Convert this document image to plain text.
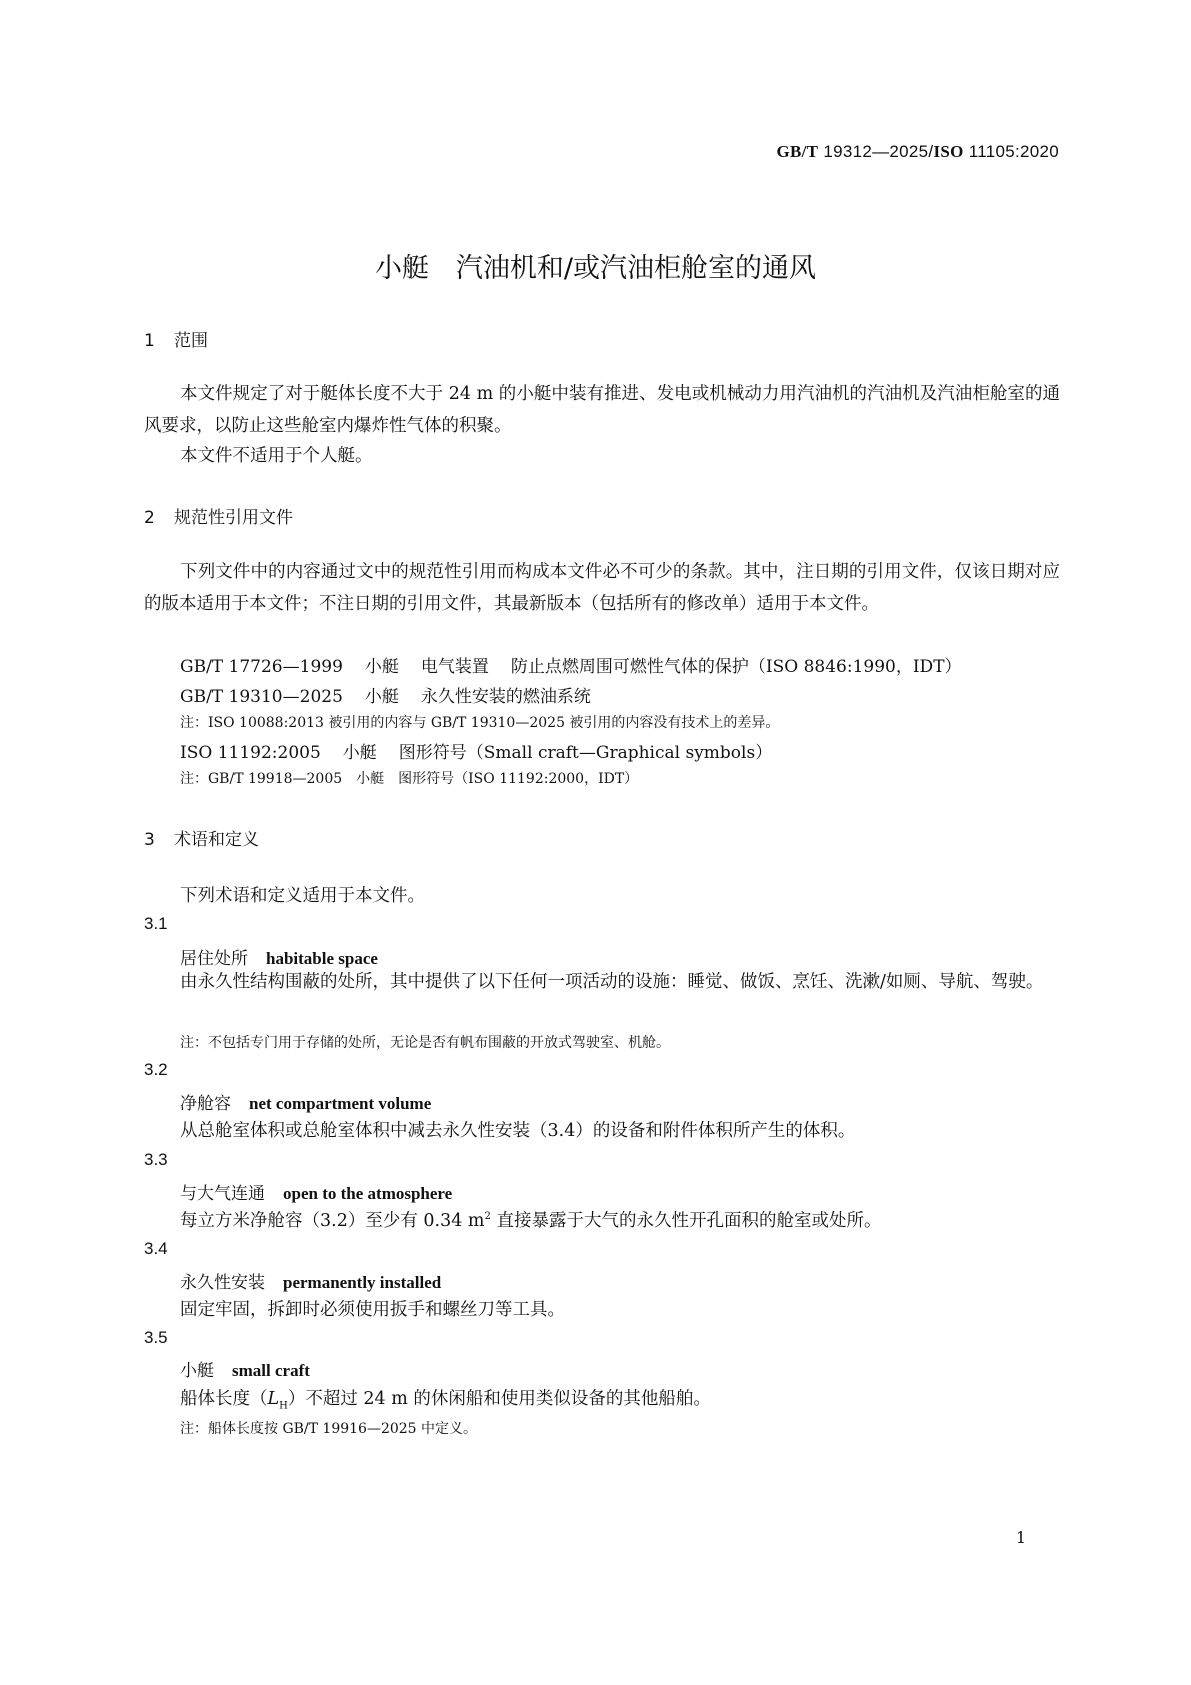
GB/T 19312—2025/ISO 11105:2020
小艇　汽油机和/或汽油柜舱室的通风
1 范围
本文件规定了对于艇体长度不大于 24 m 的小艇中装有推进、发电或机械动力用汽油机的汽油机及汽油柜舱室的通风要求，以防止这些舱室内爆炸性气体的积聚。
本文件不适用于个人艇。
2 规范性引用文件
下列文件中的内容通过文中的规范性引用而构成本文件必不可少的条款。其中，注日期的引用文件，仅该日期对应的版本适用于本文件；不注日期的引用文件，其最新版本（包括所有的修改单）适用于本文件。
GB/T 17726—1999 小艇 电气装置 防止点燃周围可燃性气体的保护（ISO 8846:1990，IDT）
GB/T 19310—2025 小艇 永久性安装的燃油系统
注：ISO 10088:2013 被引用的内容与 GB/T 19310—2025 被引用的内容没有技术上的差异。
ISO 11192:2005 小艇 图形符号（Small craft—Graphical symbols）
注：GB/T 19918—2005　小艇　图形符号（ISO 11192:2000，IDT）
3 术语和定义
下列术语和定义适用于本文件。
3.1
居住处所 habitable space
由永久性结构围蔽的处所，其中提供了以下任何一项活动的设施：睡觉、做饭、烹饪、洗漱/如厕、导航、驾驶。
注：不包括专门用于存储的处所，无论是否有帆布围蔽的开放式驾驶室、机舱。
3.2
净舱容 net compartment volume
从总舱室体积或总舱室体积中减去永久性安装（3.4）的设备和附件体积所产生的体积。
3.3
与大气连通 open to the atmosphere
每立方米净舱容（3.2）至少有 0.34 $m^2$ 直接暴露于大气的永久性开孔面积的舱室或处所。
3.4
永久性安装 permanently installed
固定牢固，拆卸时必须使用扳手和螺丝刀等工具。
3.5
小艇 small craft
船体长度$(L_H)$不超过 24 m 的休闲船和使用类似设备的其他船舶。
注：船体长度按 GB/T 19916—2025 中定义。
1
